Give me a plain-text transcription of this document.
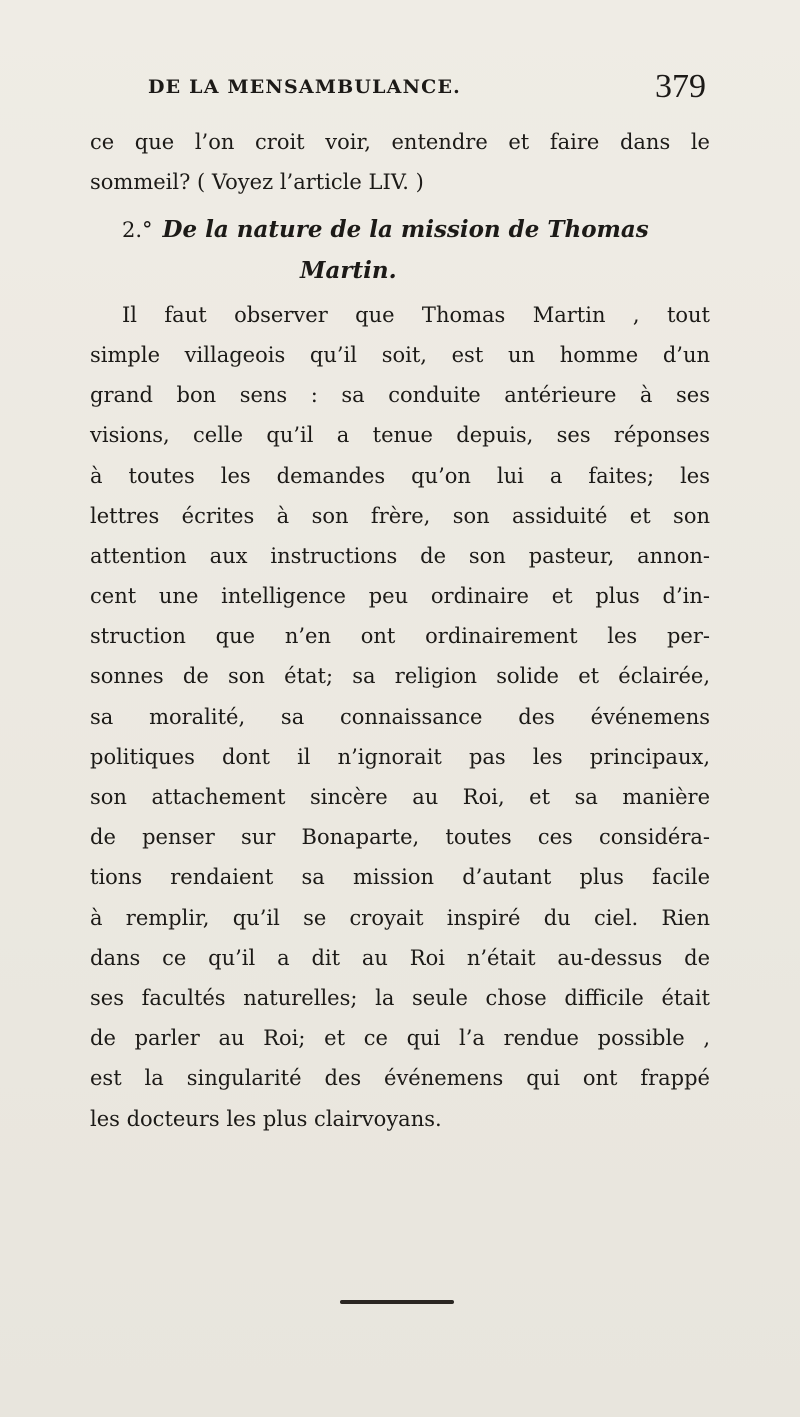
DE LA MENSAMBULANCE.	379
ce que l’on croit voir, entendre et faire dans le
sommeil? ( Voyez l’article LIV. )
2.° De la nature de la mission de Thomas
Martin.
Il faut observer que Thomas Martin , tout
simple villageois qu’il soit, est un homme d’un
grand bon sens : sa conduite antérieure à ses
visions, celle qu’il a tenue depuis, ses réponses
à toutes les demandes qu’on lui a faites; les
lettres écrites à son frère, son assiduité et son
attention aux instructions de son pasteur, annon-
cent une intelligence peu ordinaire et plus d’in-
struction que n’en ont ordinairement les per-
sonnes de son état; sa religion solide et éclairée,
sa moralité, sa connaissance des événemens
politiques dont il n’ignorait pas les principaux,
son attachement sincère au Roi, et sa manière
de penser sur Bonaparte, toutes ces considéra-
tions rendaient sa mission d’autant plus facile
à remplir, qu’il se croyait inspiré du ciel. Rien
dans ce qu’il a dit au Roi n’était au-dessus de
ses facultés naturelles; la seule chose difficile était
de parler au Roi; et ce qui l’a rendue possible ,
est la singularité des événemens qui ont frappé
les docteurs les plus clairvoyans.
